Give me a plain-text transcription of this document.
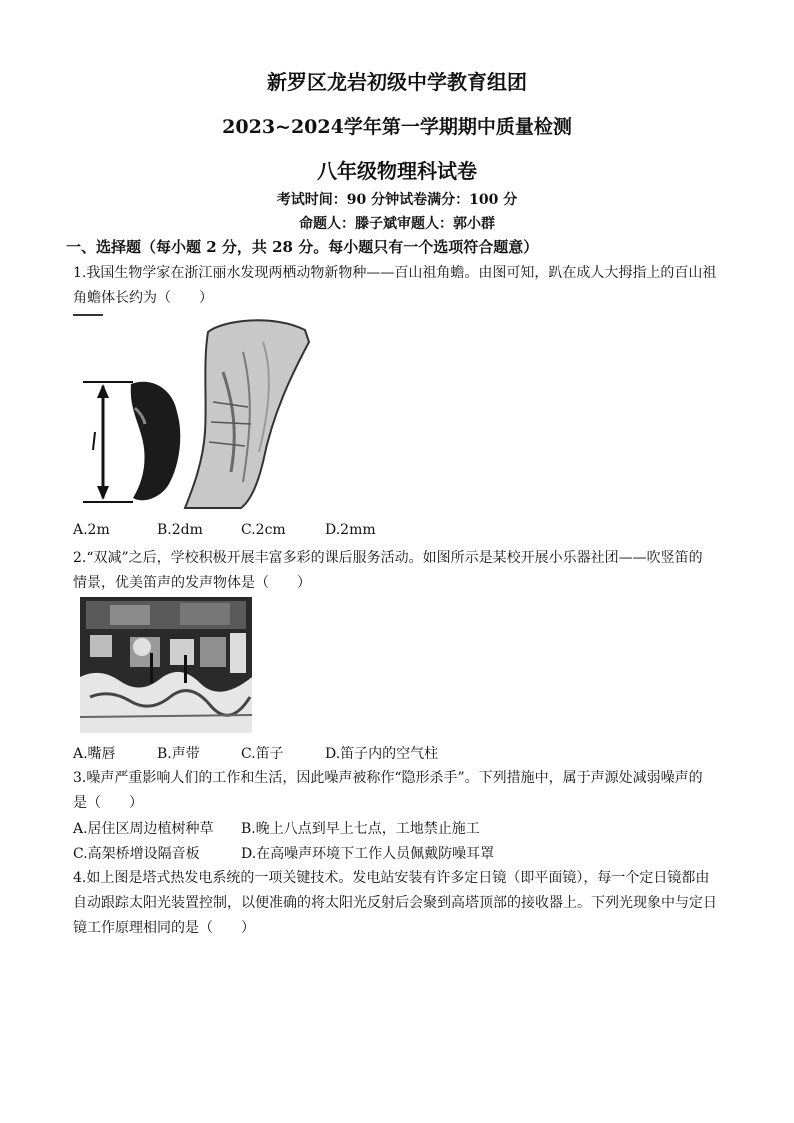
新罗区龙岩初级中学教育组团
2023~2024学年第一学期期中质量检测
八年级物理科试卷
考试时间：90 分钟试卷满分：100 分
命题人：滕子斌审题人：郭小群
一、选择题（每小题 2 分，共 28 分。每小题只有一个选项符合题意）
1.我国生物学家在浙江丽水发现两栖动物新物种——百山祖角蟾。由图可知，趴在成人大拇指上的百山祖
角蟾体长约为（　　）
A.2m	B.2dm	C.2cm	D.2mm
2.“双减”之后，学校积极开展丰富多彩的课后服务活动。如图所示是某校开展小乐器社团——吹竖笛的
情景，优美笛声的发声物体是（　　）
A.嘴唇	B.声带	C.笛子	D.笛子内的空气柱
3.噪声严重影响人们的工作和生活，因此噪声被称作“隐形杀手”。下列措施中，属于声源处减弱噪声的
是（　　）
A.居住区周边植树种草 B.晚上八点到早上七点，工地禁止施工
C.高架桥增设隔音板	D.在高噪声环境下工作人员佩戴防噪耳罩
4.如上图是塔式热发电系统的一项关键技术。发电站安装有许多定日镜（即平面镜），每一个定日镜都由
自动跟踪太阳光装置控制，以便准确的将太阳光反射后会聚到高塔顶部的接收器上。下列光现象中与定日
镜工作原理相同的是（　　）
